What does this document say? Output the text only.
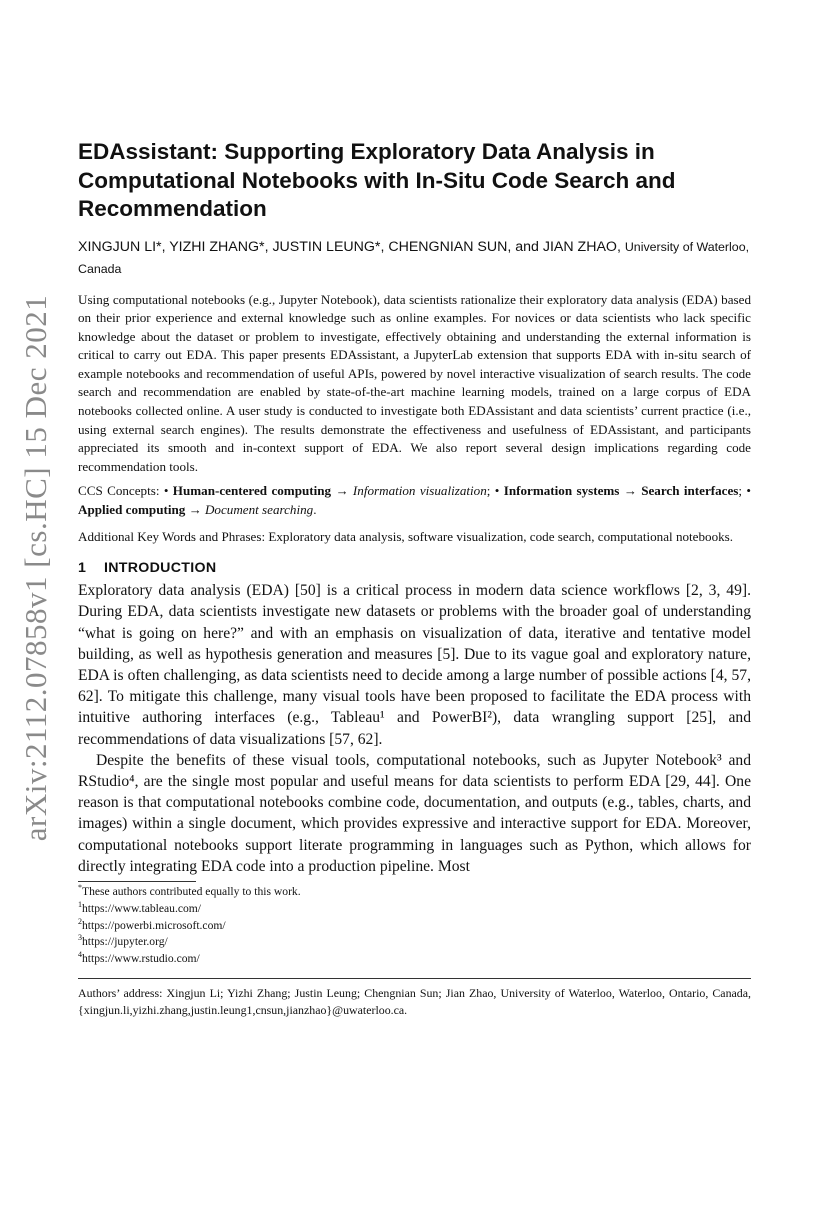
arXiv:2112.07858v1 [cs.HC] 15 Dec 2021
EDAssistant: Supporting Exploratory Data Analysis in Computational Notebooks with In-Situ Code Search and Recommendation
XINGJUN LI*, YIZHI ZHANG*, JUSTIN LEUNG*, CHENGNIAN SUN, and JIAN ZHAO, University of Waterloo, Canada
Using computational notebooks (e.g., Jupyter Notebook), data scientists rationalize their exploratory data analysis (EDA) based on their prior experience and external knowledge such as online examples. For novices or data scientists who lack specific knowledge about the dataset or problem to investigate, effectively obtaining and understanding the external information is critical to carry out EDA. This paper presents EDAssistant, a JupyterLab extension that supports EDA with in-situ search of example notebooks and recommendation of useful APIs, powered by novel interactive visualization of search results. The code search and recommendation are enabled by state-of-the-art machine learning models, trained on a large corpus of EDA notebooks collected online. A user study is conducted to investigate both EDAssistant and data scientists’ current practice (i.e., using external search engines). The results demonstrate the effectiveness and usefulness of EDAssistant, and participants appreciated its smooth and in-context support of EDA. We also report several design implications regarding code recommendation tools.
CCS Concepts: • Human-centered computing → Information visualization; • Information systems → Search interfaces; • Applied computing → Document searching.
Additional Key Words and Phrases: Exploratory data analysis, software visualization, code search, computational notebooks.
1 INTRODUCTION

Exploratory data analysis (EDA) [50] is a critical process in modern data science workflows [2, 3, 49]. During EDA, data scientists investigate new datasets or problems with the broader goal of understanding “what is going on here?” and with an emphasis on visualization of data, iterative and tentative model building, as well as hypothesis generation and measures [5]. Due to its vague goal and exploratory nature, EDA is often challenging, as data scientists need to decide among a large number of possible actions [4, 57, 62]. To mitigate this challenge, many visual tools have been proposed to facilitate the EDA process with intuitive authoring interfaces (e.g., Tableau¹ and PowerBI²), data wrangling support [25], and recommendations of data visualizations [57, 62].

Despite the benefits of these visual tools, computational notebooks, such as Jupyter Notebook³ and RStudio⁴, are the single most popular and useful means for data scientists to perform EDA [29, 44]. One reason is that computational notebooks combine code, documentation, and outputs (e.g., tables, charts, and images) within a single document, which provides expressive and interactive support for EDA. Moreover, computational notebooks support literate programming in languages such as Python, which allows for directly integrating EDA code into a production pipeline. Most

*These authors contributed equally to this work.
$^1$https://www.tableau.com/
$^2$https://powerbi.microsoft.com/
$^3$https://jupyter.org/
$^4$https://www.rstudio.com/
Authors’ address: Xingjun Li; Yizhi Zhang; Justin Leung; Chengnian Sun; Jian Zhao, University of Waterloo, Waterloo, Ontario, Canada, {xingjun.li,yizhi.zhang,justin.leung1,cnsun,jianzhao}@uwaterloo.ca.
